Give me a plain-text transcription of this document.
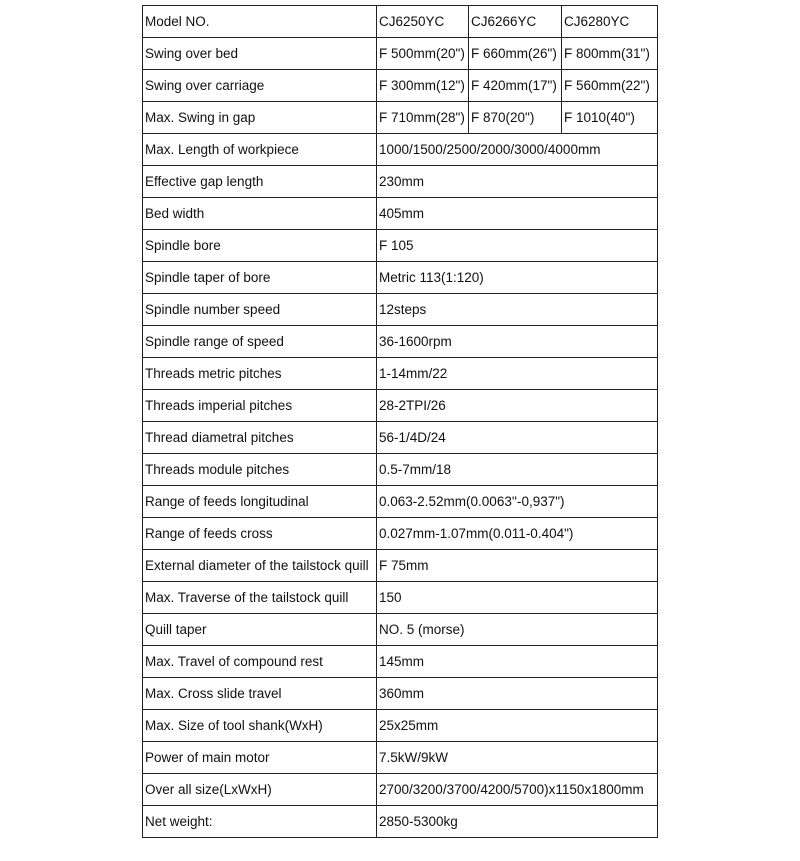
Model NO.	CJ6250YC	CJ6266YC	CJ6280YC
Swing over bed	F 500mm(20")	F 660mm(26")	F 800mm(31")
Swing over carriage	F 300mm(12")	F 420mm(17")	F 560mm(22")
Max. Swing in gap	F 710mm(28")	F 870(20")	F 1010(40")
Max. Length of workpiece	1000/1500/2500/2000/3000/4000mm		
Effective gap length	230mm		
Bed width	405mm		
Spindle bore	F 105		
Spindle taper of bore	Metric 113(1:120)		
Spindle number speed	12steps		
Spindle range of speed	36-1600rpm		
Threads metric pitches	1-14mm/22		
Threads imperial pitches	28-2TPI/26		
Thread diametral pitches	56-1/4D/24		
Threads module pitches	0.5-7mm/18		
Range of feeds longitudinal	0.063-2.52mm(0.0063''-0,937")		
Range of feeds cross	0.027mm-1.07mm(0.011-0.404")		
External diameter of the tailstock quill	F 75mm		
Max. Traverse of the tailstock quill	150		
Quill taper	NO. 5 (morse)		
Max. Travel of compound rest	145mm		
Max. Cross slide travel	360mm		
Max. Size of tool shank(WxH)	25x25mm		
Power of main motor	7.5kW/9kW		
Over all size(LxWxH)	2700/3200/3700/4200/5700)x1150x1800mm		
Net weight:	2850-5300kg		
